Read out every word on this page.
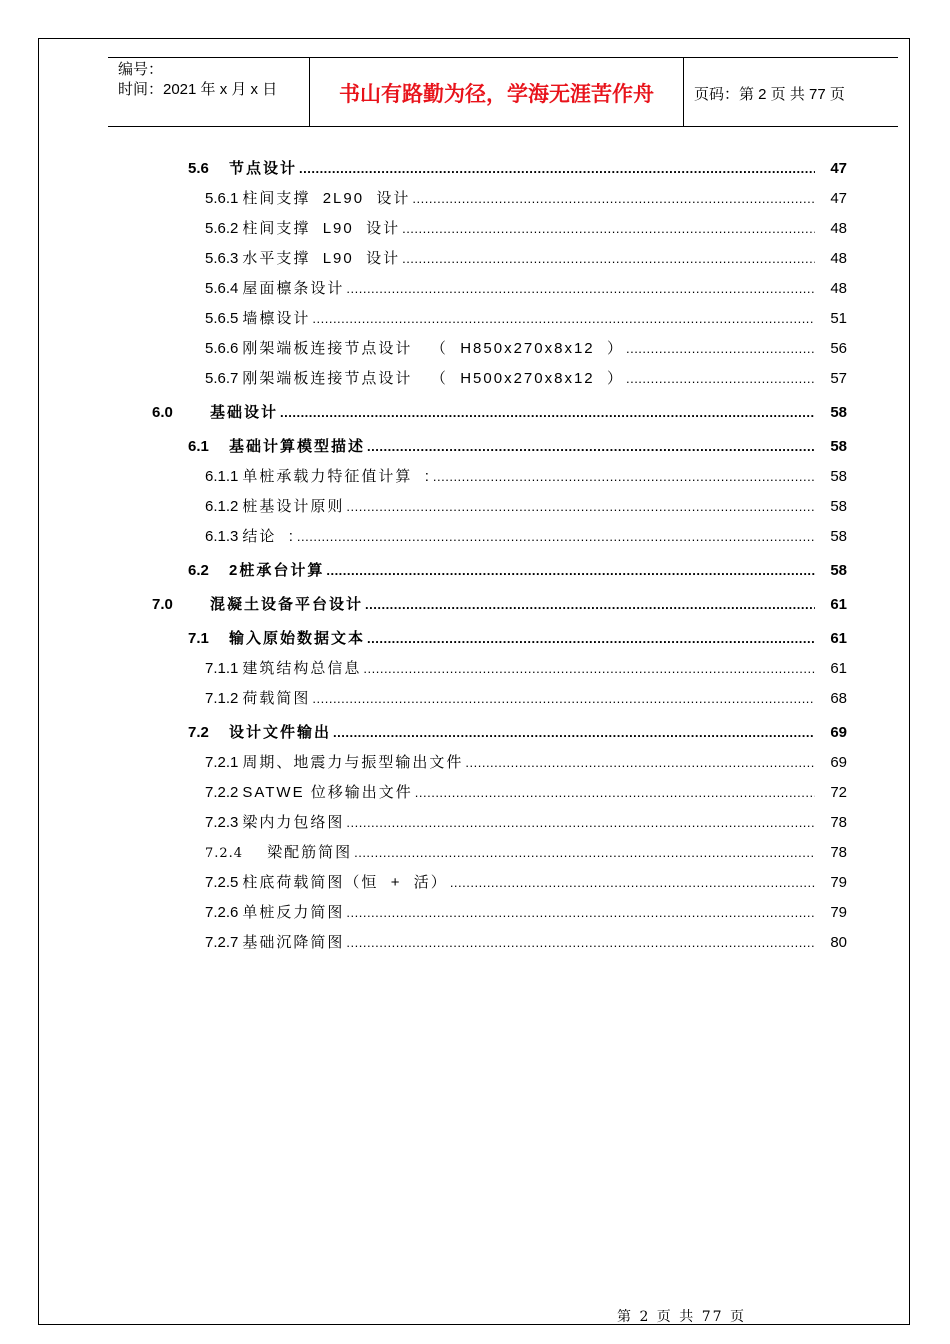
编号：
时间：2021 年 x 月 x 日	书山有路勤为径，学海无涯苦作舟	页码：第 2 页 共 77 页
5.6 节点设计 .....	47
5.6.1 柱间支撑  2L90  设计 .....	47
5.6.2 柱间支撑  L90  设计 .....	48
5.6.3 水平支撑  L90  设计 .....	48
5.6.4 屋面檩条设计 .....	48
5.6.5 墙檩设计 .....	51
5.6.6 刚架端板连接节点设计   （  H850x270x8x12  ） .....	56
5.6.7 刚架端板连接节点设计   （  H500x270x8x12  ） .....	57
6.0 基础设计 .....	58
6.1 基础计算模型描述 .....	58
6.1.1 单桩承载力特征值计算  : .....	58
6.1.2 桩基设计原则 .....	58
6.1.3 结论  : .....	58
6.2 2桩承台计算 .....	58
7.0 混凝土设备平台设计 .....	61
7.1 输入原始数据文本 .....	61
7.1.1 建筑结构总信息 .....	61
7.1.2 荷载简图 .....	68
7.2 设计文件输出 .....	69
7.2.1 周期、地震力与振型输出文件 .....	69
7.2.2 SATWE 位移输出文件 .....	72
7.2.3 梁内力包络图 .....	78
7.2.4 梁配筋简图 .....	78
7.2.5 柱底荷载简图（恒  +  活） .....	79
7.2.6 单桩反力简图 .....	79
7.2.7 基础沉降简图 .....	80
第 2 页 共 77 页
